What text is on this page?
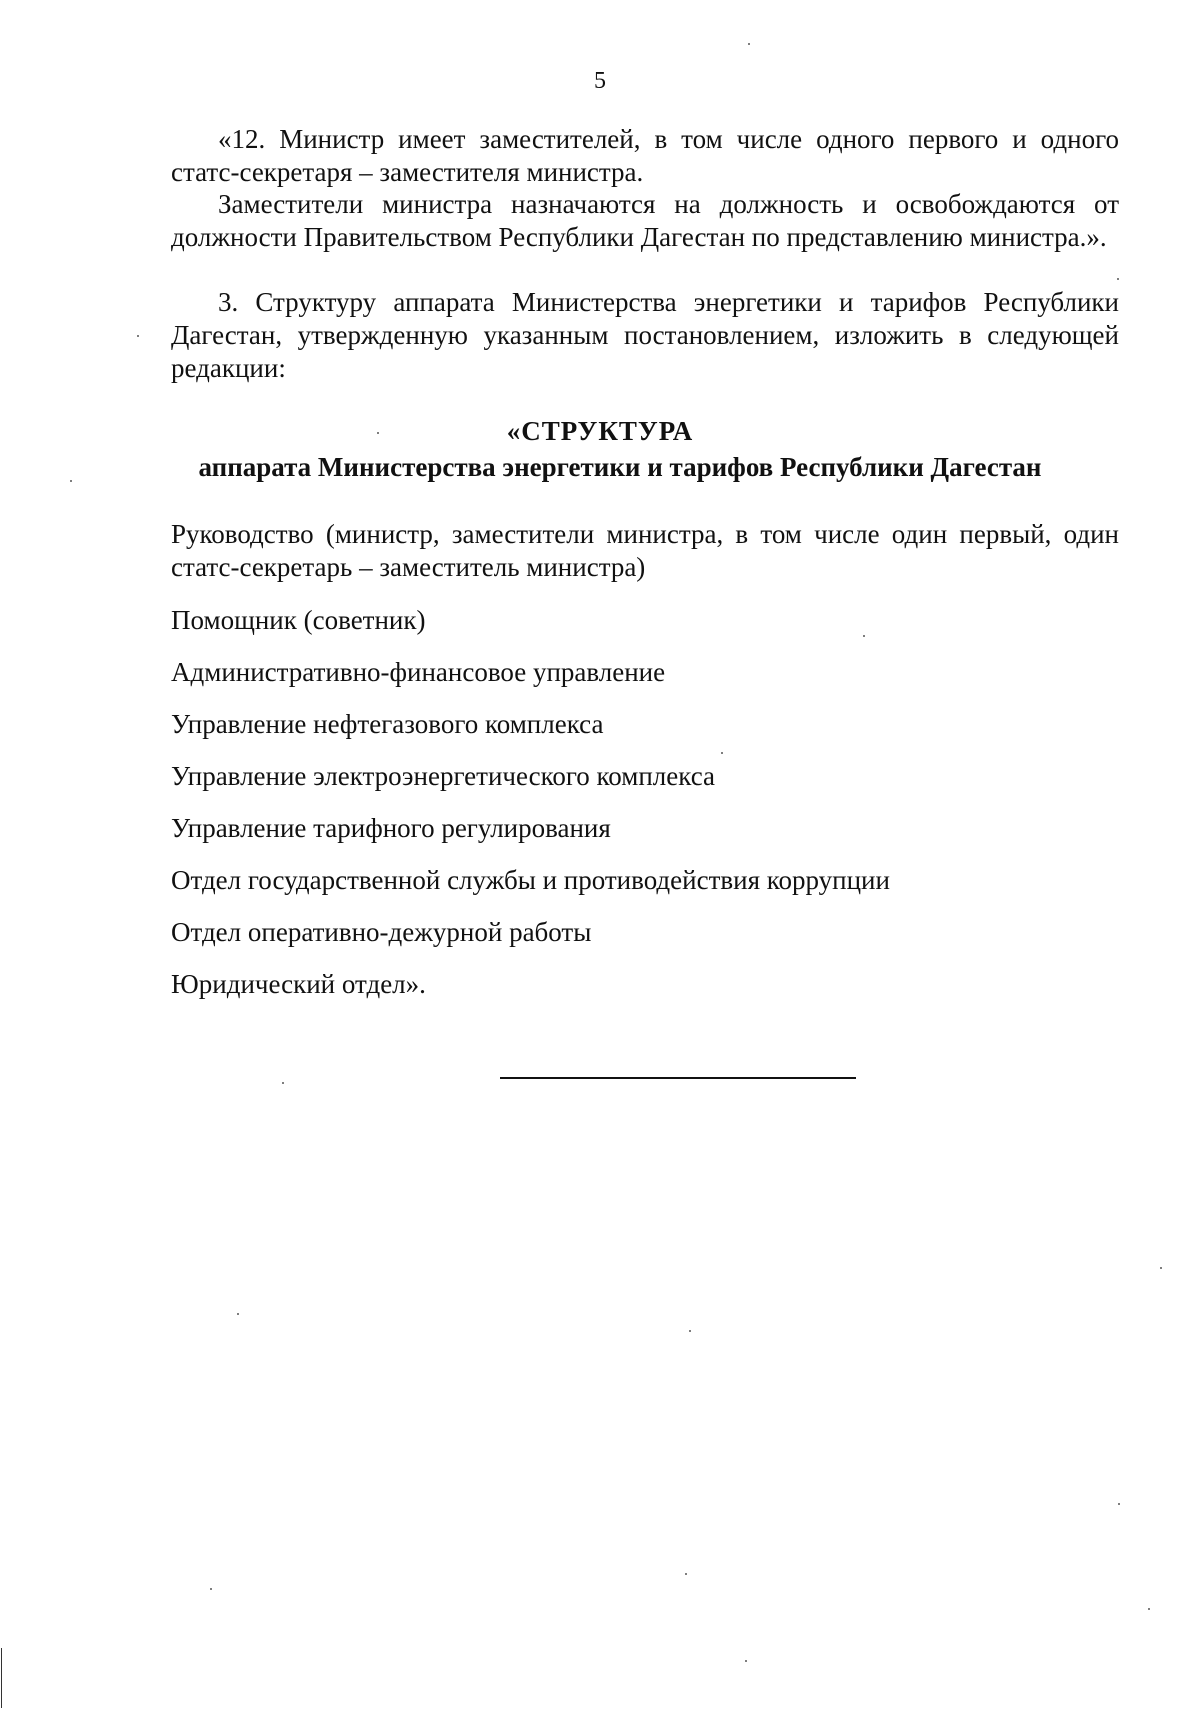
5
«12. Министр имеет заместителей, в том числе одного первого и одного статс-секретаря – заместителя министра.
Заместители министра назначаются на должность и освобождаются от должности Правительством Республики Дагестан по представлению министра.».
3. Структуру аппарата Министерства энергетики и тарифов Республики Дагестан, утвержденную указанным постановлением, изложить в следующей редакции:
«СТРУКТУРА
аппарата Министерства энергетики и тарифов Республики Дагестан
Руководство (министр, заместители министра, в том числе один первый, один статс-секретарь – заместитель министра)
Помощник (советник)
Административно-финансовое управление
Управление нефтегазового комплекса
Управление электроэнергетического комплекса
Управление тарифного регулирования
Отдел государственной службы и противодействия коррупции
Отдел оперативно-дежурной работы
Юридический отдел».
